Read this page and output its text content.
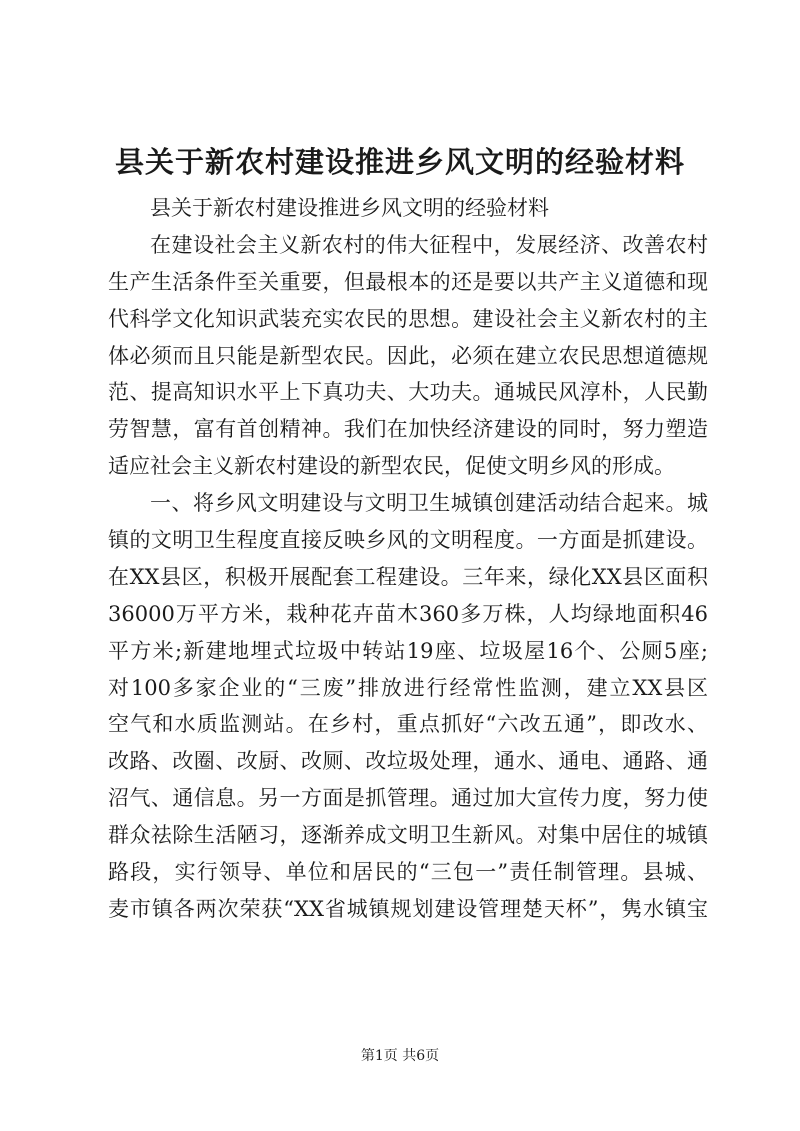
县关于新农村建设推进乡风文明的经验材料
县关于新农村建设推进乡风文明的经验材料
在建设社会主义新农村的伟大征程中，发展经济、改善农村
生产生活条件至关重要，但最根本的还是要以共产主义道德和现
代科学文化知识武装充实农民的思想。建设社会主义新农村的主
体必须而且只能是新型农民。因此，必须在建立农民思想道德规
范、提高知识水平上下真功夫、大功夫。通城民风淳朴，人民勤
劳智慧，富有首创精神。我们在加快经济建设的同时，努力塑造
适应社会主义新农村建设的新型农民，促使文明乡风的形成。
一、将乡风文明建设与文明卫生城镇创建活动结合起来。城
镇的文明卫生程度直接反映乡风的文明程度。一方面是抓建设。
在XX县区，积极开展配套工程建设。三年来，绿化XX县区面积
36000万平方米，栽种花卉苗木360多万株，人均绿地面积46
平方米;新建地埋式垃圾中转站19座、垃圾屋16个、公厕5座;
对100多家企业的“三废”排放进行经常性监测，建立XX县区
空气和水质监测站。在乡村，重点抓好“六改五通”，即改水、
改路、改圈、改厨、改厕、改垃圾处理，通水、通电、通路、通
沼气、通信息。另一方面是抓管理。通过加大宣传力度，努力使
群众祛除生活陋习，逐渐养成文明卫生新风。对集中居住的城镇
路段，实行领导、单位和居民的“三包一”责任制管理。县城、
麦市镇各两次荣获“XX省城镇规划建设管理楚天杯”，隽水镇宝
第1页 共6页
